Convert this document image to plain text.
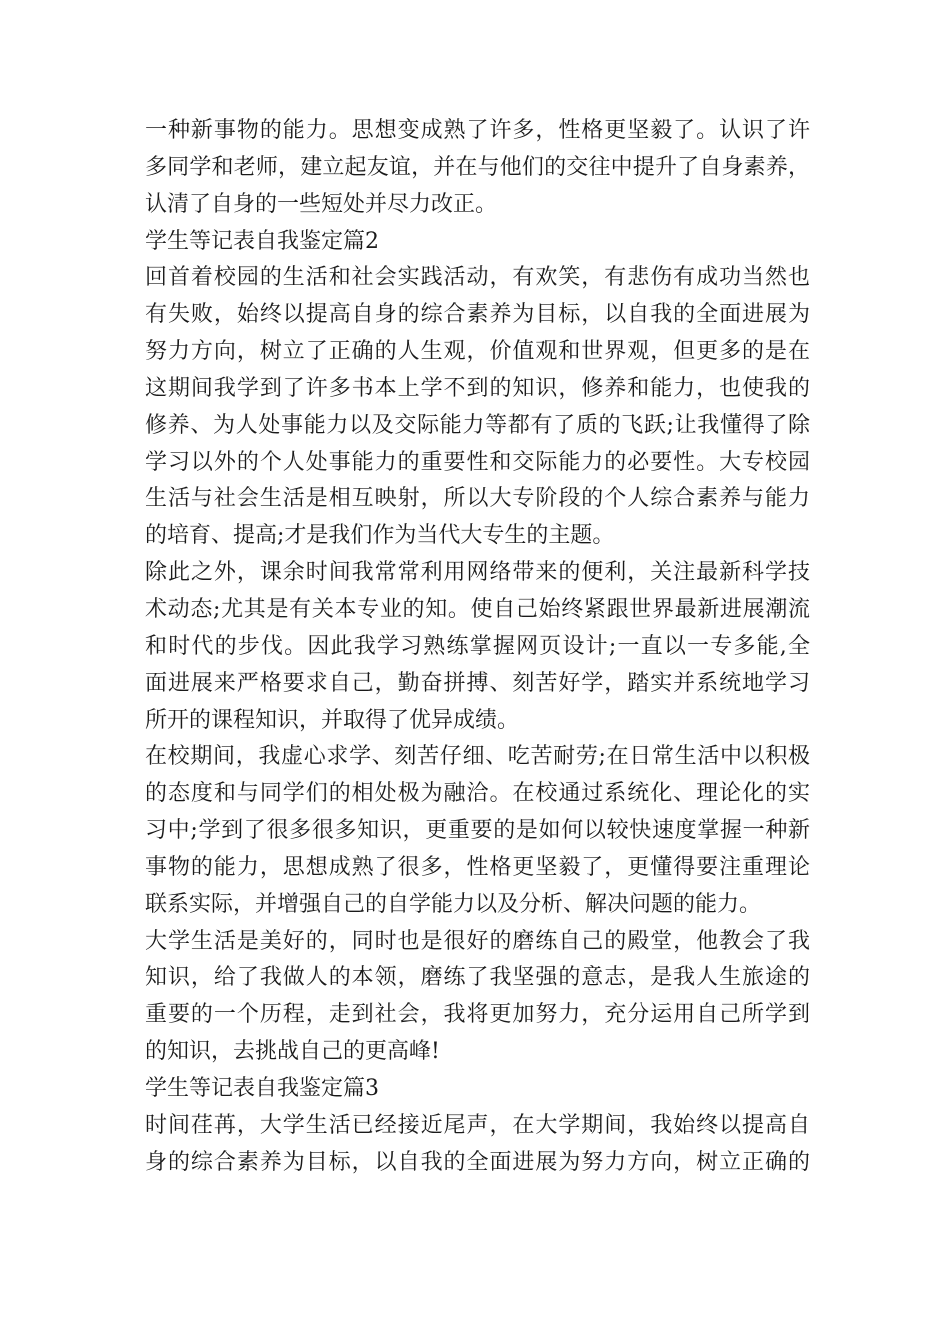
一种新事物的能力。思想变成熟了许多，性格更坚毅了。认识了许
多同学和老师，建立起友谊，并在与他们的交往中提升了自身素养，
认清了自身的一些短处并尽力改正。
学生等记表自我鉴定篇2
回首着校园的生活和社会实践活动，有欢笑，有悲伤有成功当然也
有失败，始终以提高自身的综合素养为目标，以自我的全面进展为
努力方向，树立了正确的人生观，价值观和世界观，但更多的是在
这期间我学到了许多书本上学不到的知识，修养和能力，也使我的
修养、为人处事能力以及交际能力等都有了质的飞跃;让我懂得了除
学习以外的个人处事能力的重要性和交际能力的必要性。大专校园
生活与社会生活是相互映射，所以大专阶段的个人综合素养与能力
的培育、提高;才是我们作为当代大专生的主题。
除此之外，课余时间我常常利用网络带来的便利，关注最新科学技
术动态;尤其是有关本专业的知。使自己始终紧跟世界最新进展潮流
和时代的步伐。因此我学习熟练掌握网页设计;一直以一专多能,全
面进展来严格要求自己，勤奋拼搏、刻苦好学，踏实并系统地学习
所开的课程知识，并取得了优异成绩。
在校期间，我虚心求学、刻苦仔细、吃苦耐劳;在日常生活中以积极
的态度和与同学们的相处极为融洽。在校通过系统化、理论化的实
习中;学到了很多很多知识，更重要的是如何以较快速度掌握一种新
事物的能力，思想成熟了很多，性格更坚毅了，更懂得要注重理论
联系实际，并增强自己的自学能力以及分析、解决问题的能力。
大学生活是美好的，同时也是很好的磨练自己的殿堂，他教会了我
知识，给了我做人的本领，磨练了我坚强的意志，是我人生旅途的
重要的一个历程，走到社会，我将更加努力，充分运用自己所学到
的知识，去挑战自己的更高峰!
学生等记表自我鉴定篇3
时间荏苒，大学生活已经接近尾声，在大学期间，我始终以提高自
身的综合素养为目标，以自我的全面进展为努力方向，树立正确的
